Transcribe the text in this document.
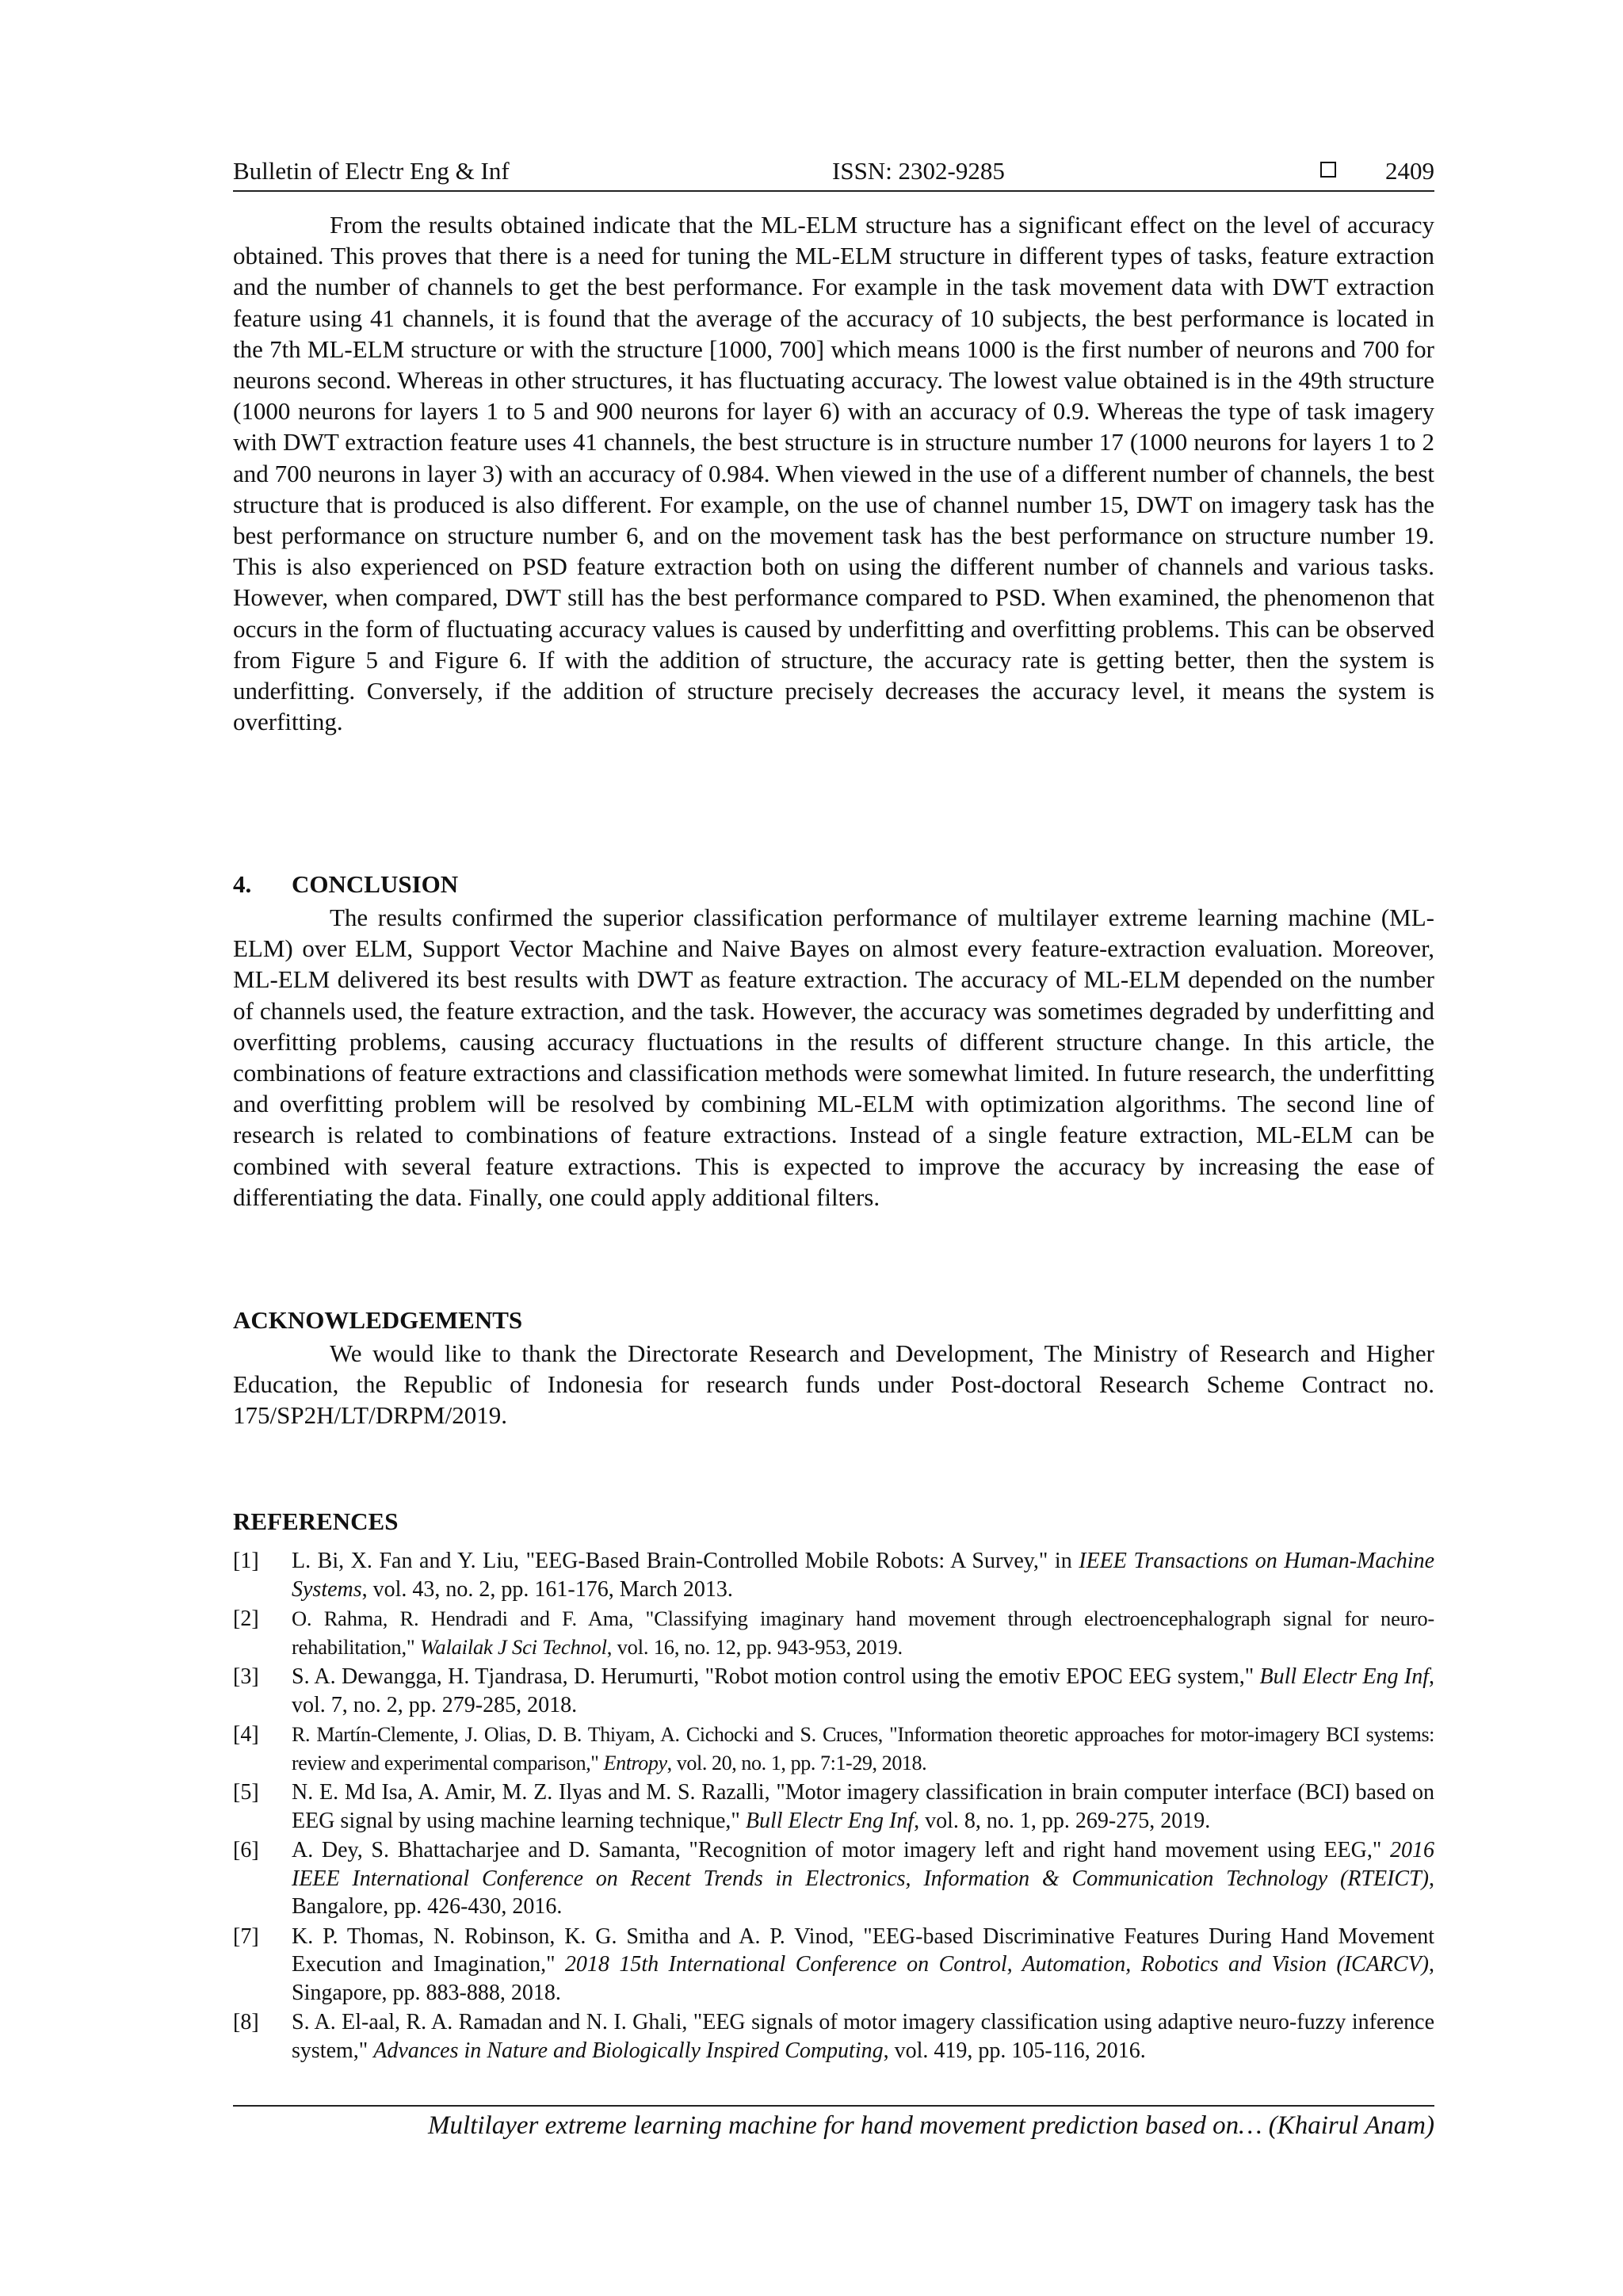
Bulletin of Electr Eng & Inf	ISSN: 2302-9285	2409

From the results obtained indicate that the ML-ELM structure has a significant effect on the level of accuracy obtained. This proves that there is a need for tuning the ML-ELM structure in different types of tasks, feature extraction and the number of channels to get the best performance. For example in the task movement data with DWT extraction feature using 41 channels, it is found that the average of the accuracy of 10 subjects, the best performance is located in the 7th ML-ELM structure or with the structure [1000, 700] which means 1000 is the first number of neurons and 700 for neurons second. Whereas in other structures, it has fluctuating accuracy. The lowest value obtained is in the 49th structure (1000 neurons for layers 1 to 5 and 900 neurons for layer 6) with an accuracy of 0.9. Whereas the type of task imagery with DWT extraction feature uses 41 channels, the best structure is in structure number 17 (1000 neurons for layers 1 to 2 and 700 neurons in layer 3) with an accuracy of 0.984. When viewed in the use of a different number of channels, the best structure that is produced is also different. For example, on the use of channel number 15, DWT on imagery task has the best performance on structure number 6, and on the movement task has the best performance on structure number 19. This is also experienced on PSD feature extraction both on using the different number of channels and various tasks. However, when compared, DWT still has the best performance compared to PSD. When examined, the phenomenon that occurs in the form of fluctuating accuracy values is caused by underfitting and overfitting problems. This can be observed from Figure 5 and Figure 6. If with the addition of structure, the accuracy rate is getting better, then the system is underfitting. Conversely, if the addition of structure precisely decreases the accuracy level, it means the system is overfitting.

4. CONCLUSION

The results confirmed the superior classification performance of multilayer extreme learning machine (ML-ELM) over ELM, Support Vector Machine and Naive Bayes on almost every feature-extraction evaluation. Moreover, ML-ELM delivered its best results with DWT as feature extraction. The accuracy of ML-ELM depended on the number of channels used, the feature extraction, and the task. However, the accuracy was sometimes degraded by underfitting and overfitting problems, causing accuracy fluctuations in the results of different structure change. In this article, the combinations of feature extractions and classification methods were somewhat limited. In future research, the underfitting and overfitting problem will be resolved by combining ML-ELM with optimization algorithms. The second line of research is related to combinations of feature extractions. Instead of a single feature extraction, ML-ELM can be combined with several feature extractions. This is expected to improve the accuracy by increasing the ease of differentiating the data. Finally, one could apply additional filters.

ACKNOWLEDGEMENTS

We would like to thank the Directorate Research and Development, The Ministry of Research and Higher Education, the Republic of Indonesia for research funds under Post-doctoral Research Scheme Contract no. 175/SP2H/LT/DRPM/2019.

REFERENCES
[1]	L. Bi, X. Fan and Y. Liu, "EEG-Based Brain-Controlled Mobile Robots: A Survey," in IEEE Transactions on Human-Machine Systems, vol. 43, no. 2, pp. 161-176, March 2013.
[2]	O. Rahma, R. Hendradi and F. Ama, "Classifying imaginary hand movement through electroencephalograph signal for neuro-rehabilitation," Walailak J Sci Technol, vol. 16, no. 12, pp. 943-953, 2019.
[3]	S. A. Dewangga, H. Tjandrasa, D. Herumurti, "Robot motion control using the emotiv EPOC EEG system," Bull Electr Eng Inf, vol. 7, no. 2, pp. 279-285, 2018.
[4]	R. Martín-Clemente, J. Olias, D. B. Thiyam, A. Cichocki and S. Cruces, "Information theoretic approaches for motor-imagery BCI systems: review and experimental comparison," Entropy, vol. 20, no. 1, pp. 7:1-29, 2018.
[5]	N. E. Md Isa, A. Amir, M. Z. Ilyas and M. S. Razalli, "Motor imagery classification in brain computer interface (BCI) based on EEG signal by using machine learning technique," Bull Electr Eng Inf, vol. 8, no. 1, pp. 269-275, 2019.
[6]	A. Dey, S. Bhattacharjee and D. Samanta, "Recognition of motor imagery left and right hand movement using EEG," 2016 IEEE International Conference on Recent Trends in Electronics, Information & Communication Technology (RTEICT), Bangalore, pp. 426-430, 2016.
[7]	K. P. Thomas, N. Robinson, K. G. Smitha and A. P. Vinod, "EEG-based Discriminative Features During Hand Movement Execution and Imagination," 2018 15th International Conference on Control, Automation, Robotics and Vision (ICARCV), Singapore, pp. 883-888, 2018.
[8]	S. A. El-aal, R. A. Ramadan and N. I. Ghali, "EEG signals of motor imagery classification using adaptive neuro-fuzzy inference system," Advances in Nature and Biologically Inspired Computing, vol. 419, pp. 105-116, 2016.
Multilayer extreme learning machine for hand movement prediction based on… (Khairul Anam)
